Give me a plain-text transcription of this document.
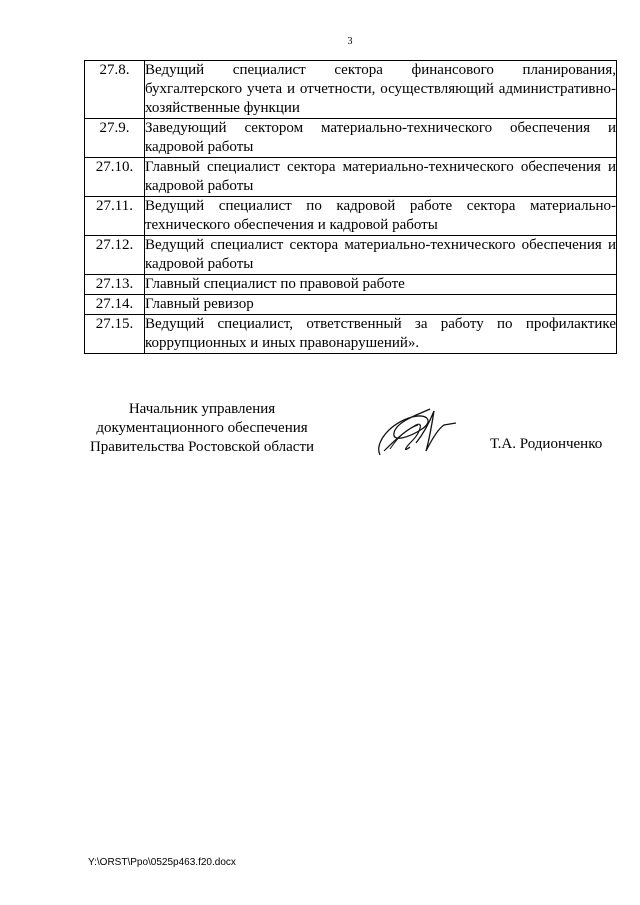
3
27.8.	Ведущий специалист сектора финансового планирования, бухгалтерского учета и отчетности, осуществляющий административно-хозяйственные функции
27.9.	Заведующий сектором материально-технического обеспечения и кадровой работы
27.10.	Главный специалист сектора материально-технического обеспечения и кадровой работы
27.11.	Ведущий специалист по кадровой работе сектора материально-технического обеспечения и кадровой работы
27.12.	Ведущий специалист сектора материально-технического обеспечения и кадровой работы
27.13.	Главный специалист по правовой работе
27.14.	Главный ревизор
27.15.	Ведущий специалист, ответственный за работу по профилактике коррупционных и иных правонарушений».
Начальник управления
документационного обеспечения
Правительства Ростовской области	Т.А. Родионченко
Y:\ORST\Ppo\0525p463.f20.docx
